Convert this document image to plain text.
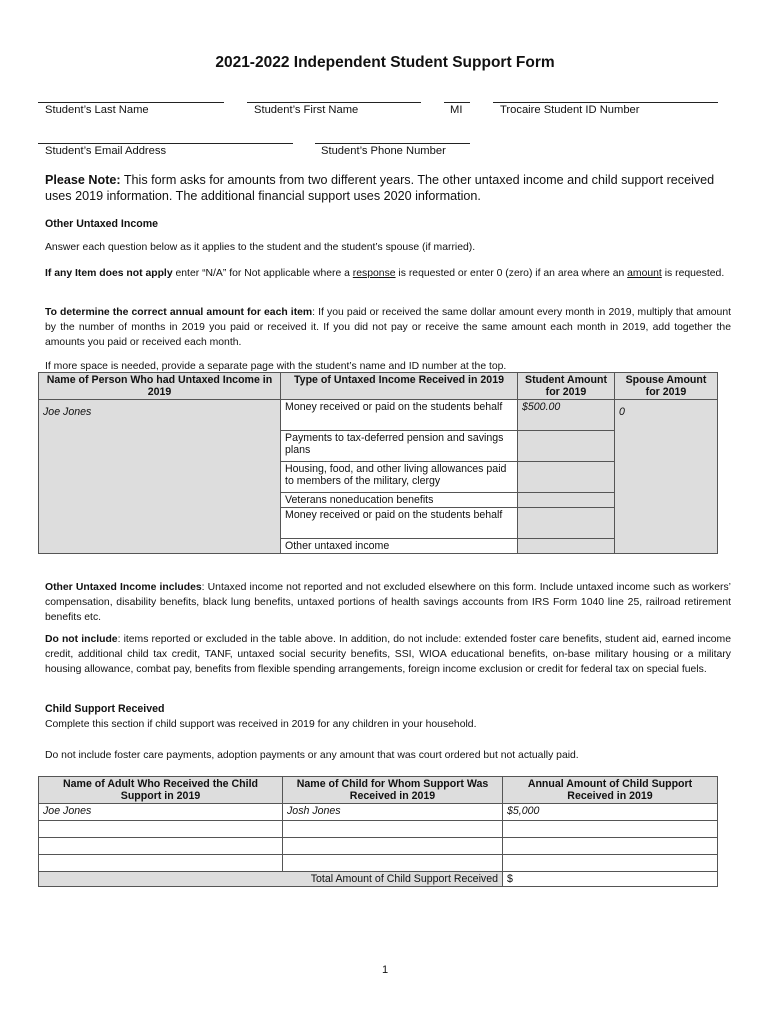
2021-2022 Independent Student Support Form
Student’s Last Name	Student’s First Name	MI	Trocaire Student ID Number
Student’s Email Address	Student’s Phone Number

Please Note: This form asks for amounts from two different years. The other untaxed income and child support received uses 2019 information. The additional financial support uses 2020 information.

Other Untaxed Income

Answer each question below as it applies to the student and the student’s spouse (if married).

If any Item does not apply enter “N/A” for Not applicable where a response is requested or enter 0 (zero) if an area where an amount is requested.

To determine the correct annual amount for each item: If you paid or received the same dollar amount every month in 2019, multiply that amount by the number of months in 2019 you paid or received it. If you did not pay or receive the same amount each month in 2019, add together the amounts you paid or received each month.

If more space is needed, provide a separate page with the student’s name and ID number at the top.

Name of Person Who had Untaxed Income in 2019	Type of Untaxed Income Received in 2019	Student Amount for 2019	Spouse Amount for 2019
Joe Jones	Money received or paid on the students behalf	$500.00	0
	Payments to tax-deferred pension and savings plans		
	Housing, food, and other living allowances paid to members of the military, clergy		
	Veterans noneducation benefits		
	Money received or paid on the students behalf		
	Other untaxed income		

Other Untaxed Income includes: Untaxed income not reported and not excluded elsewhere on this form. Include untaxed income such as workers’ compensation, disability benefits, black lung benefits, untaxed portions of health savings accounts from IRS Form 1040 line 25, railroad retirement benefits etc.

Do not include: items reported or excluded in the table above. In addition, do not include: extended foster care benefits, student aid, earned income credit, additional child tax credit, TANF, untaxed social security benefits, SSI, WIOA educational benefits, on-base military housing or a military housing allowance, combat pay, benefits from flexible spending arrangements, foreign income exclusion or credit for federal tax on special fuels.

Child Support Received

Complete this section if child support was received in 2019 for any children in your household.

Do not include foster care payments, adoption payments or any amount that was court ordered but not actually paid.

Name of Adult Who Received the Child Support in 2019	Name of Child for Whom Support Was Received in 2019	Annual Amount of Child Support Received in 2019
Joe Jones	Josh Jones	$5,000

Total Amount of Child Support Received		$
1
